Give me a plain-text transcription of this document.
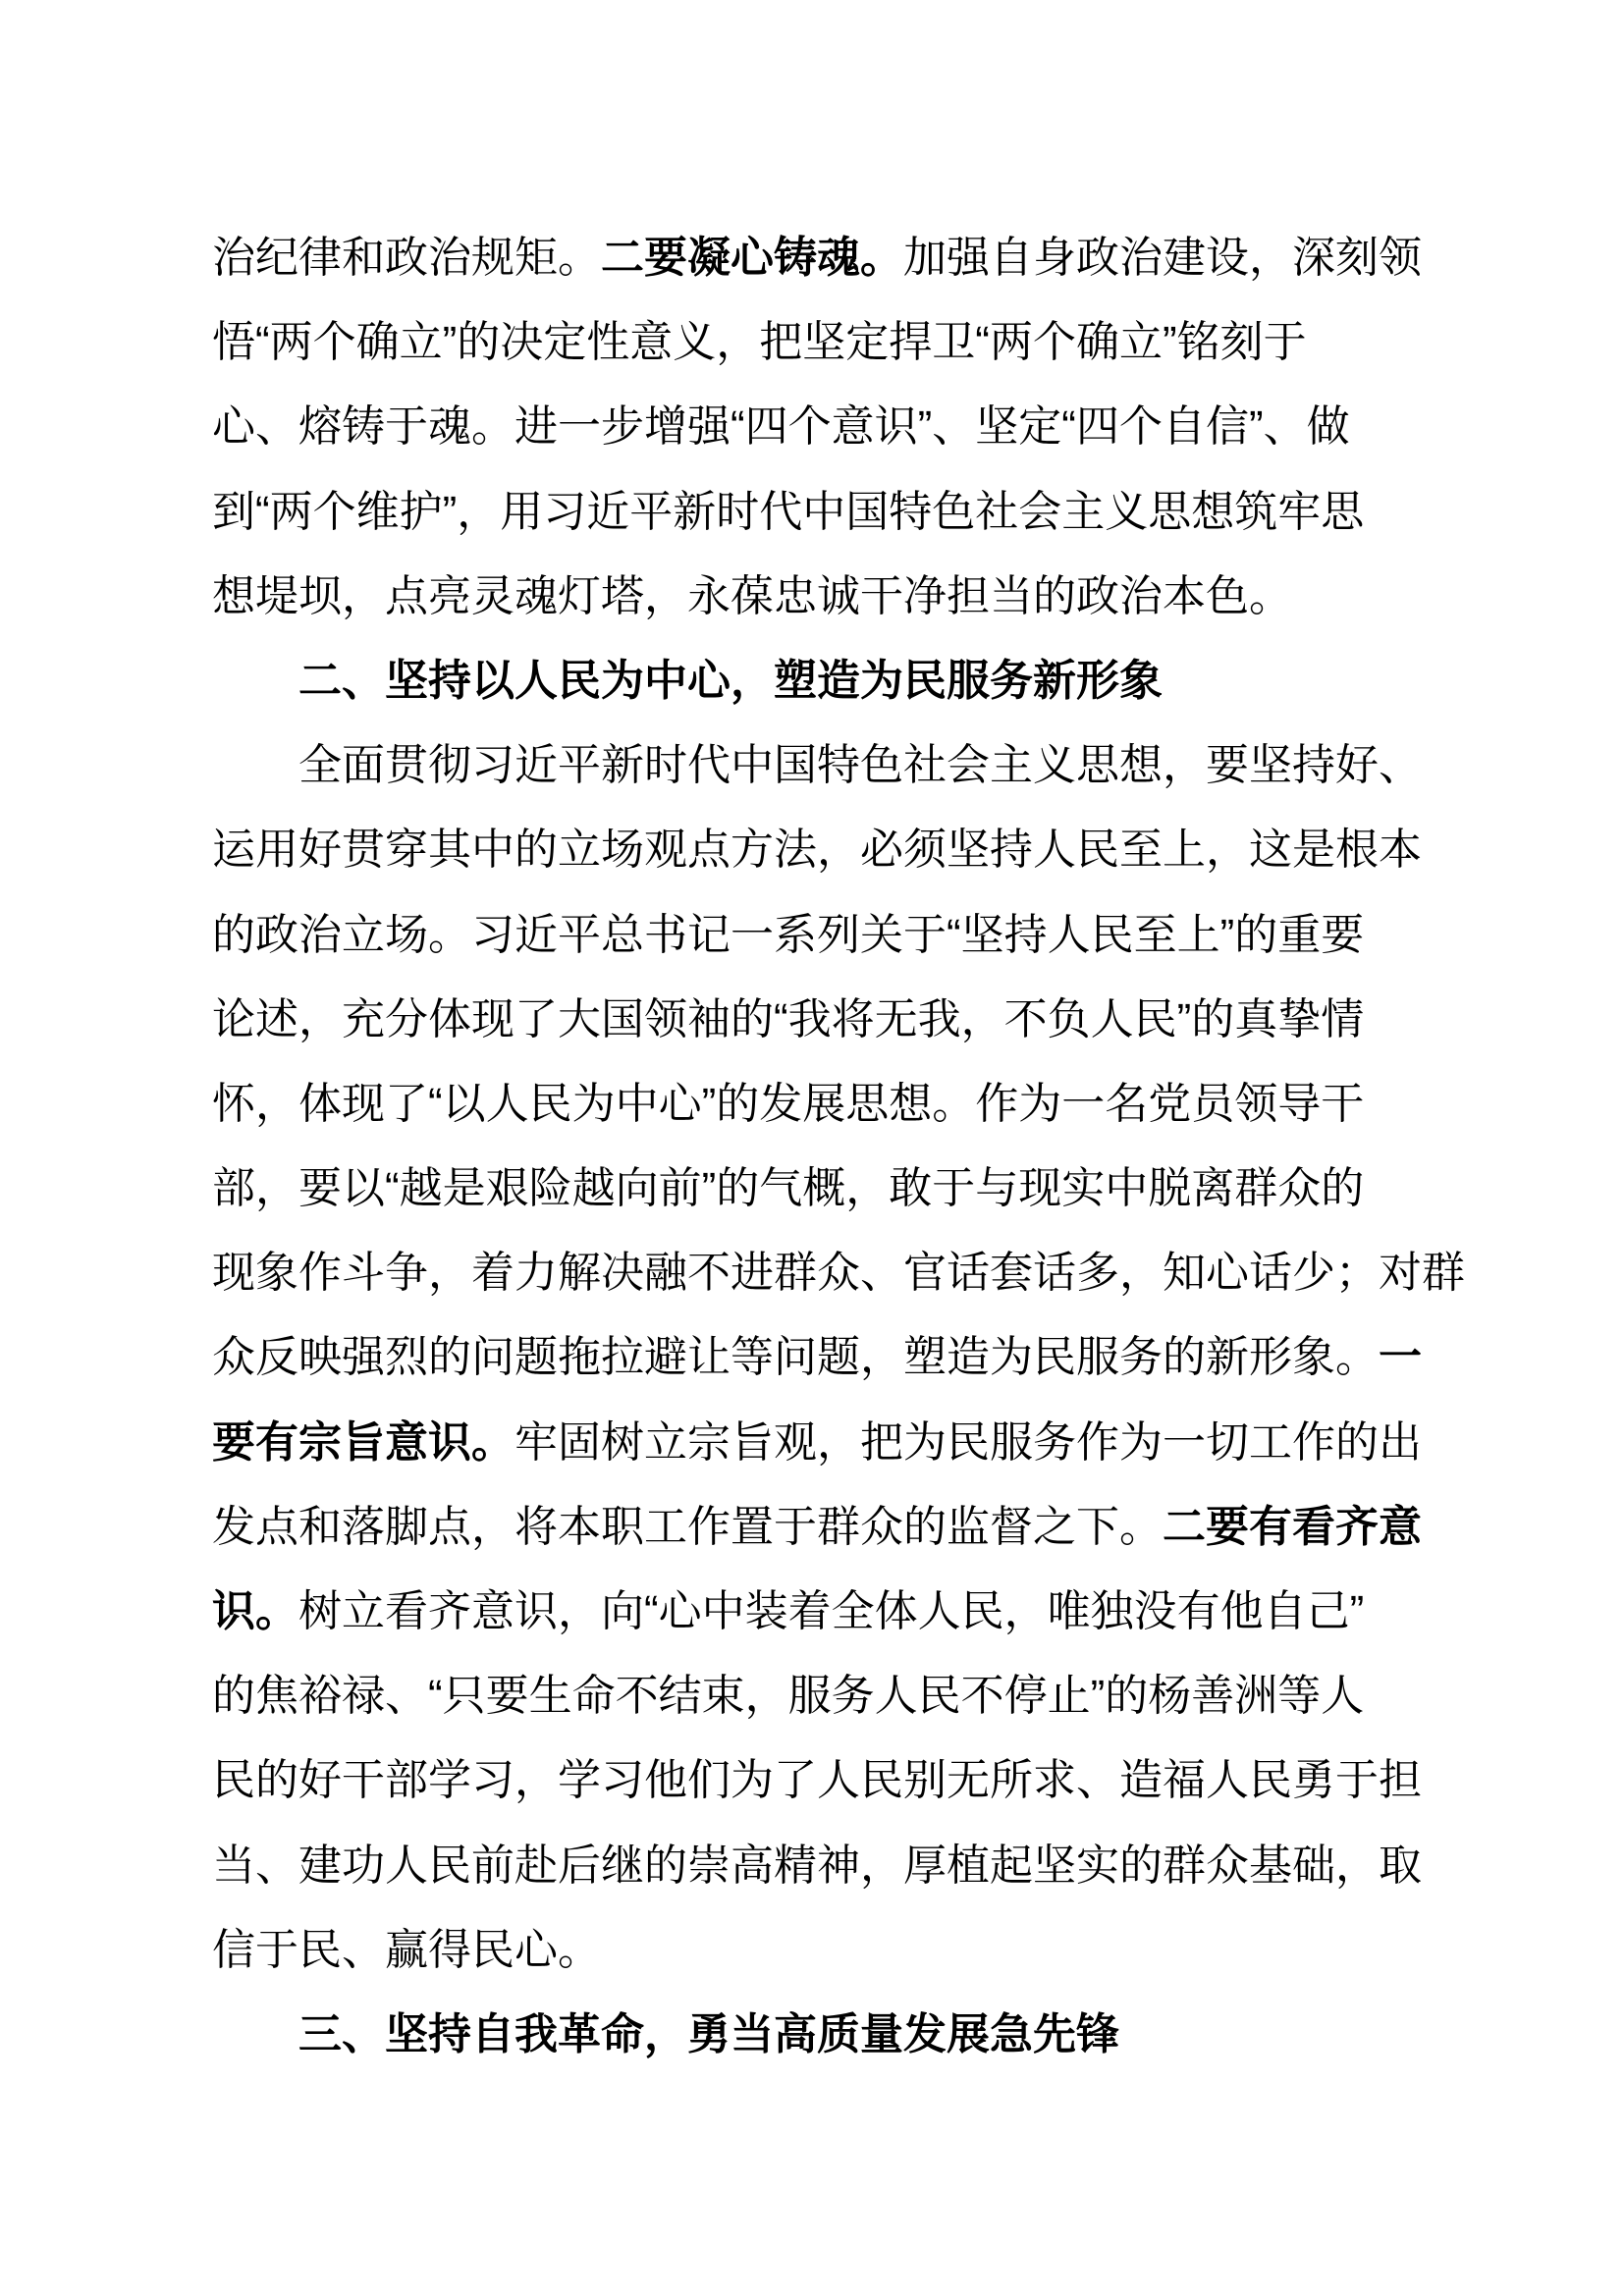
治纪律和政治规矩。二要凝心铸魂。加强自身政治建设，深刻领
悟“两个确立”的决定性意义，把坚定捍卫“两个确立”铭刻于
心、熔铸于魂。进一步增强“四个意识”、坚定“四个自信”、做
到“两个维护”，用习近平新时代中国特色社会主义思想筑牢思
想堤坝，点亮灵魂灯塔，永葆忠诚干净担当的政治本色。
二、坚持以人民为中心，塑造为民服务新形象
全面贯彻习近平新时代中国特色社会主义思想，要坚持好、
运用好贯穿其中的立场观点方法，必须坚持人民至上，这是根本
的政治立场。习近平总书记一系列关于“坚持人民至上”的重要
论述，充分体现了大国领袖的“我将无我，不负人民”的真挚情
怀，体现了“以人民为中心”的发展思想。作为一名党员领导干
部，要以“越是艰险越向前”的气概，敢于与现实中脱离群众的
现象作斗争，着力解决融不进群众、官话套话多，知心话少；对群
众反映强烈的问题拖拉避让等问题，塑造为民服务的新形象。一
要有宗旨意识。牢固树立宗旨观，把为民服务作为一切工作的出
发点和落脚点，将本职工作置于群众的监督之下。二要有看齐意
识。树立看齐意识，向“心中装着全体人民，唯独没有他自己”
的焦裕禄、“只要生命不结束，服务人民不停止”的杨善洲等人
民的好干部学习，学习他们为了人民别无所求、造福人民勇于担
当、建功人民前赴后继的崇高精神，厚植起坚实的群众基础，取
信于民、赢得民心。
三、坚持自我革命，勇当高质量发展急先锋
